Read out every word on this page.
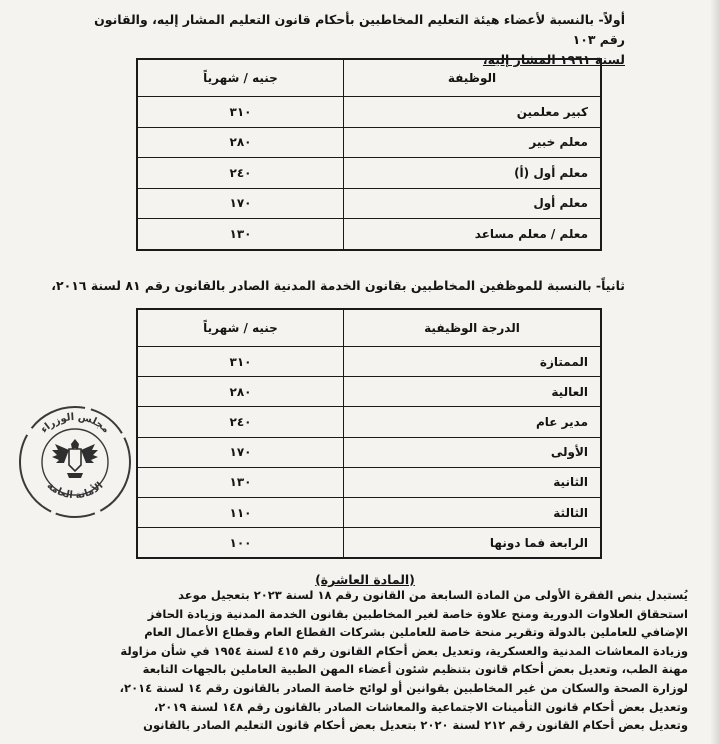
أولاً- بالنسبة لأعضاء هيئة التعليم المخاطبين بأحكام قانون التعليم المشار إليه، والقانون رقم ١٠٣
لسنة ١٩٦١ المشار إليه،
الوظيفة	جنيه / شهرياً
كبير معلمين	٣١٠
معلم خبير	٢٨٠
معلم أول (أ)	٢٤٠
معلم أول	١٧٠
معلم / معلم مساعد	١٣٠
ثانياً- بالنسبة للموظفين المخاطبين بقانون الخدمة المدنية الصادر بالقانون رقم ٨١ لسنة ٢٠١٦،
الدرجة الوظيفية	جنيه / شهرياً
الممتازة	٣١٠
العالية	٢٨٠
مدير عام	٢٤٠
الأولى	١٧٠
الثانية	١٣٠
الثالثة	١١٠
الرابعة فما دونها	١٠٠
مجلس الوزراء
الأمانة العامة
(المادة العاشرة)

يُستبدل بنص الفقرة الأولى من المادة السابعة من القانون رقم ١٨ لسنة ٢٠٢٣ بتعجيل موعد

استحقاق العلاوات الدورية ومنح علاوة خاصة لغير المخاطبين بقانون الخدمة المدنية وزيادة الحافز

الإضافي للعاملين بالدولة وتقرير منحة خاصة للعاملين بشركات القطاع العام وقطاع الأعمال العام

وزيادة المعاشات المدنية والعسكرية، وتعديل بعض أحكام القانون رقم ٤١٥ لسنة ١٩٥٤ في شأن مزاولة

مهنة الطب، وتعديل بعض أحكام قانون بتنظيم شئون أعضاء المهن الطبية العاملين بالجهات التابعة

لوزارة الصحة والسكان من غير المخاطبين بقوانين أو لوائح خاصة الصادر بالقانون رقم ١٤ لسنة ٢٠١٤،

وتعديل بعض أحكام قانون التأمينات الاجتماعية والمعاشات الصادر بالقانون رقم ١٤٨ لسنة ٢٠١٩،

وتعديل بعض أحكام القانون رقم ٢١٢ لسنة ٢٠٢٠ بتعديل بعض أحكام قانون التعليم الصادر بالقانون
